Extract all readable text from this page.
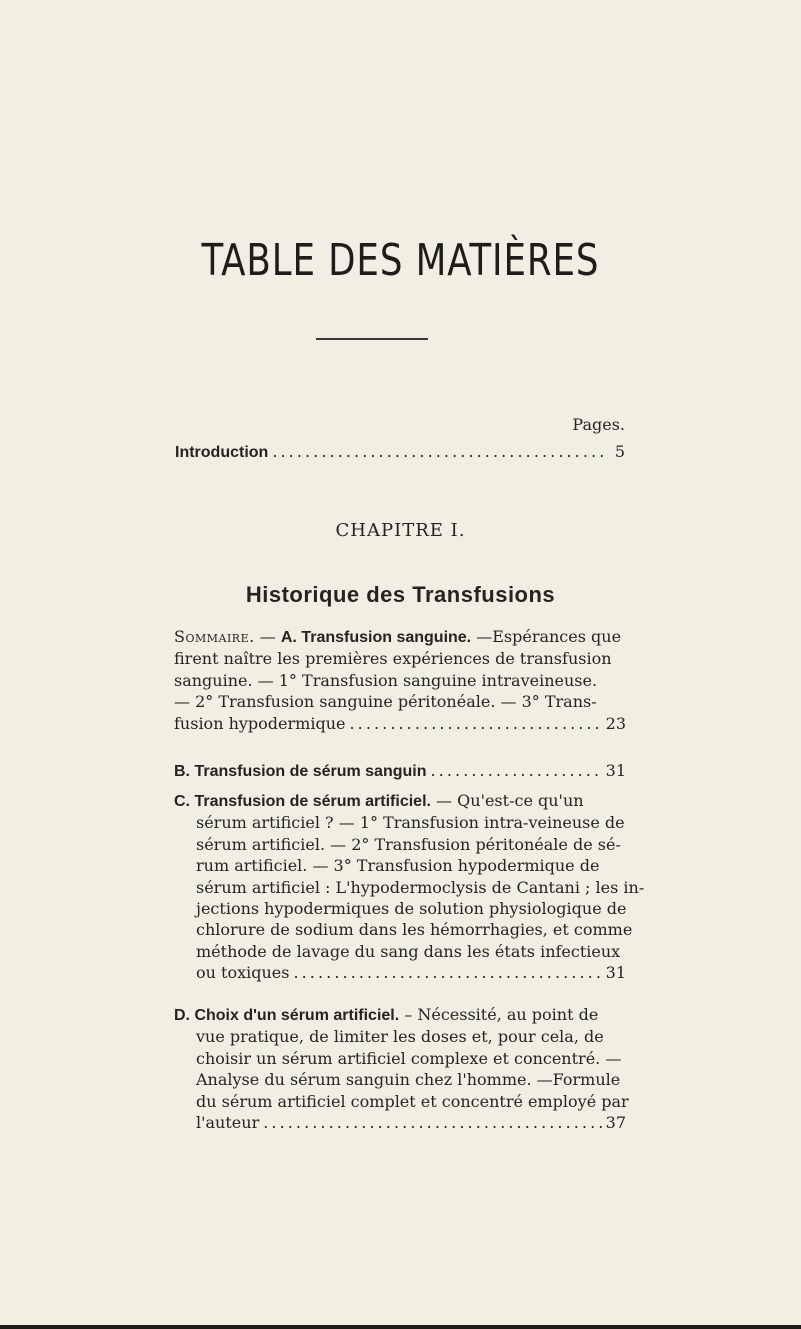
TABLE DES MATIÈRES
Pages.
Introduction . . .	5
CHAPITRE I.
Historique des Transfusions
Sommaire. — A. Transfusion sanguine. —Espérances que
firent naître les premières expériences de transfusion
sanguine. — 1° Transfusion sanguine intraveineuse.
— 2° Transfusion sanguine péritonéale. — 3° Trans-
fusion hypodermique . . .	23
B. Transfusion de sérum sanguin . . .	31
C. Transfusion de sérum artificiel. — Qu'est-ce qu'un
sérum artificiel ? — 1° Transfusion intra-veineuse de
sérum artificiel. — 2° Transfusion péritonéale de sé-
rum artificiel. — 3° Transfusion hypodermique de
sérum artificiel : L'hypodermoclysis de Cantani ; les in-
jections hypodermiques de solution physiologique de
chlorure de sodium dans les hémorrhagies, et comme
méthode de lavage du sang dans les états infectieux
ou toxiques . . .	31
D. Choix d'un sérum artificiel. – Nécessité, au point de
vue pratique, de limiter les doses et, pour cela, de
choisir un sérum artificiel complexe et concentré. —
Analyse du sérum sanguin chez l'homme. —Formule
du sérum artificiel complet et concentré employé par
l'auteur . . .	37
